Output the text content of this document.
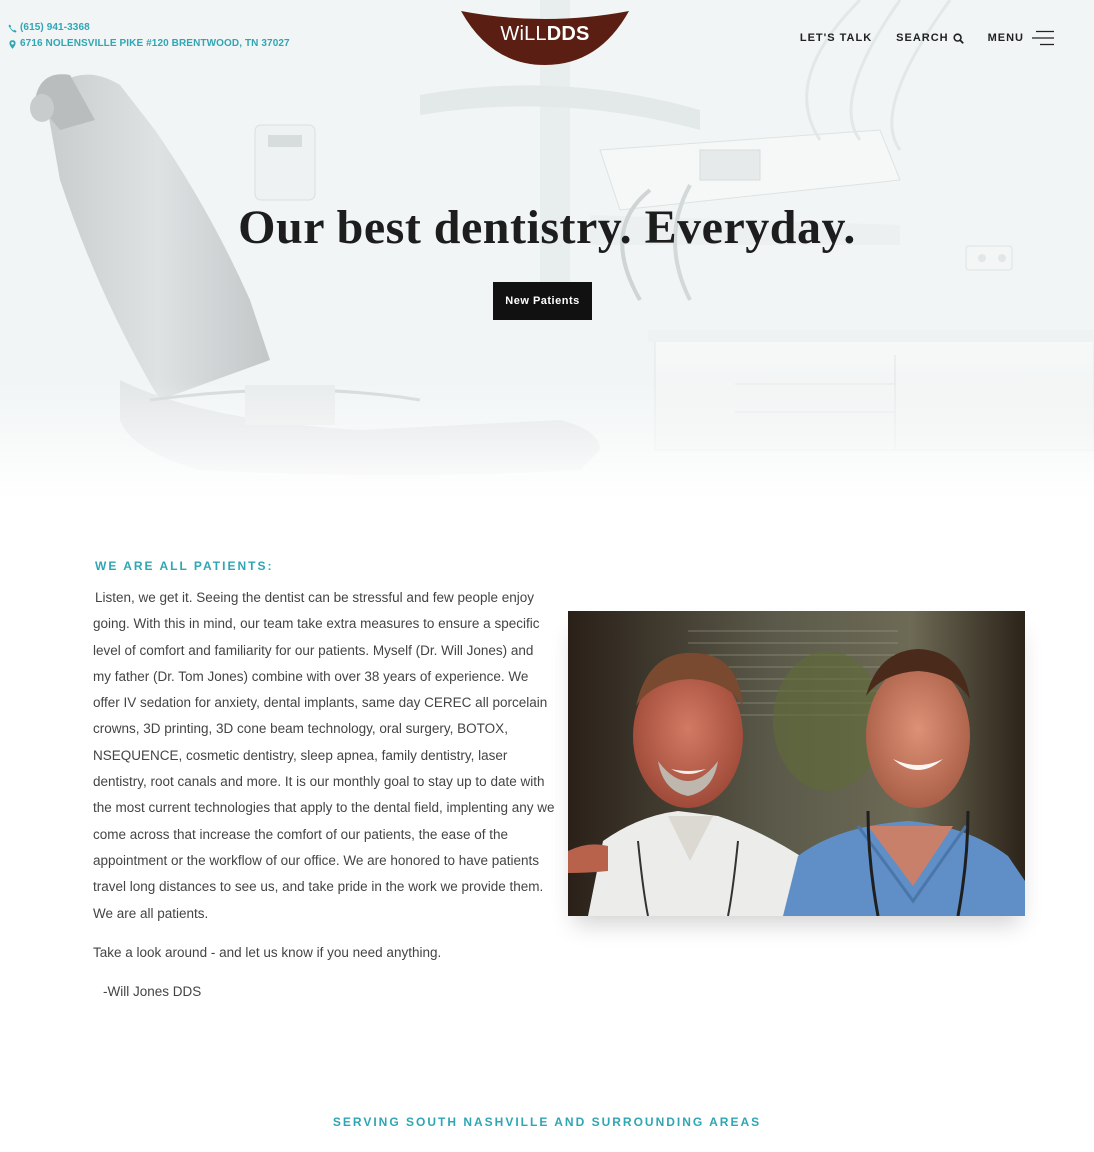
(615) 941-3368
6716 NOLENSVILLE PIKE #120 BRENTWOOD, TN 37027	WiLLDDS	LET'S TALK SEARCH	MENU
Our best dentistry. Everyday.
New Patients
WE ARE ALL PATIENTS:

Listen, we get it. Seeing the dentist can be stressful and few people enjoy
going. With this in mind, our team take extra measures to ensure a specific level of comfort and familiarity for our patients. Myself (Dr. Will Jones) and my father (Dr. Tom Jones) combine with over 38 years of experience. We offer IV sedation for anxiety, dental implants, same day CEREC all porcelain crowns, 3D printing, 3D cone beam technology, oral surgery, BOTOX, NSEQUENCE, cosmetic dentistry, sleep apnea, family dentistry, laser dentistry, root canals and more. It is our monthly goal to stay up to date with the most current technologies that apply to the dental field, implenting any we come across that increase the comfort of our patients, the ease of the appointment or the workflow of our office. We are honored to have patients travel long distances to see us, and take pride in the work we provide them. We are all patients.

Take a look around - and let us know if you need anything.

-Will Jones DDS

SERVING SOUTH NASHVILLE AND SURROUNDING AREAS
